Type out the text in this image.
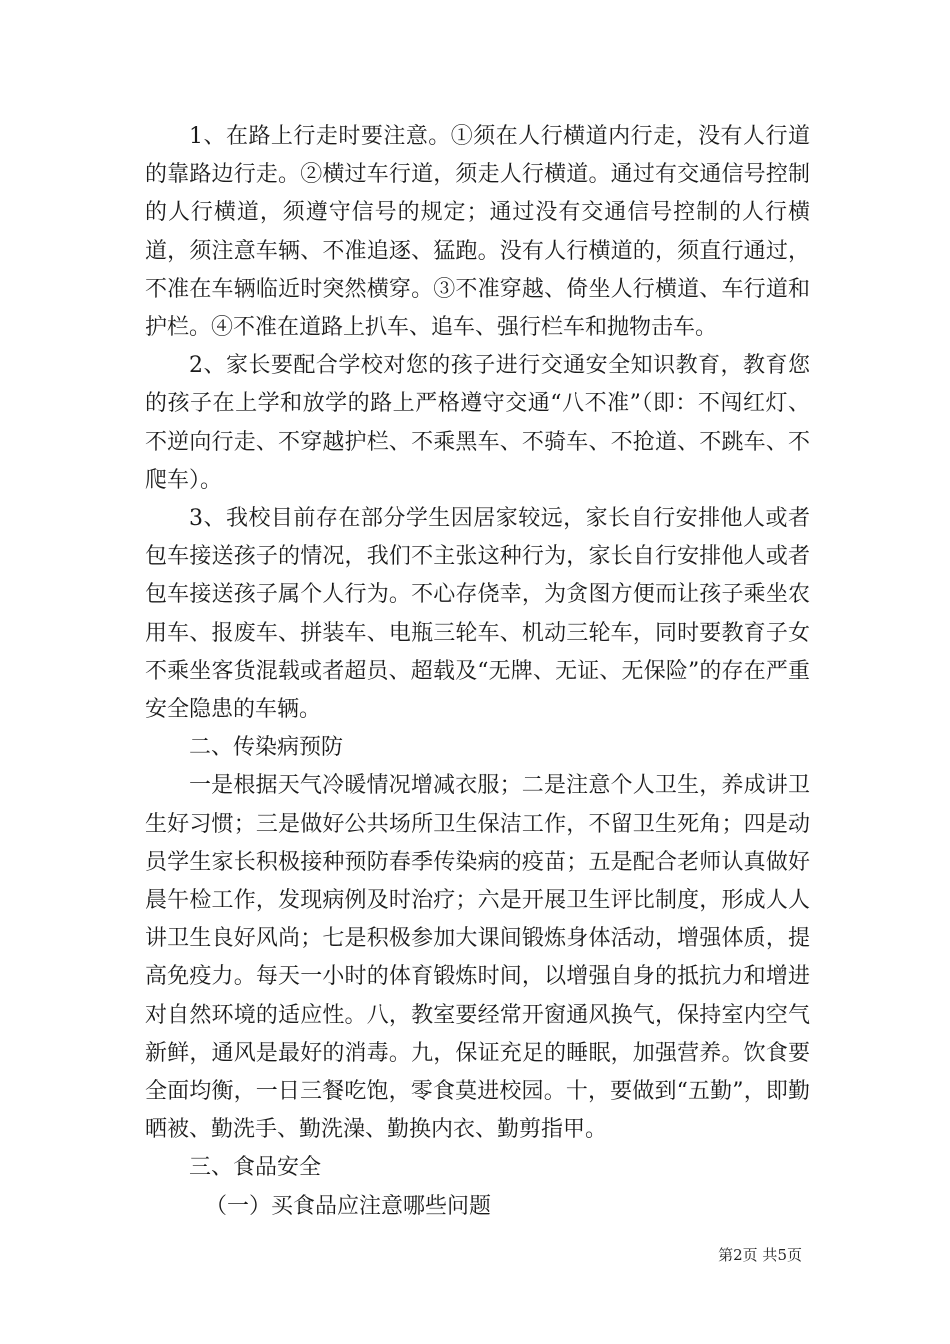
1、在路上行走时要注意。①须在人行横道内行走，没有人行道的靠路边行走。②横过车行道，须走人行横道。通过有交通信号控制的人行横道，须遵守信号的规定；通过没有交通信号控制的人行横道，须注意车辆、不准追逐、猛跑。没有人行横道的，须直行通过，不准在车辆临近时突然横穿。③不准穿越、倚坐人行横道、车行道和护栏。④不准在道路上扒车、追车、强行栏车和抛物击车。

2、家长要配合学校对您的孩子进行交通安全知识教育，教育您的孩子在上学和放学的路上严格遵守交通“八不准”（即：不闯红灯、不逆向行走、不穿越护栏、不乘黑车、不骑车、不抢道、不跳车、不爬车）。

3、我校目前存在部分学生因居家较远，家长自行安排他人或者包车接送孩子的情况，我们不主张这种行为，家长自行安排他人或者包车接送孩子属个人行为。不心存侥幸，为贪图方便而让孩子乘坐农用车、报废车、拼装车、电瓶三轮车、机动三轮车，同时要教育子女不乘坐客货混载或者超员、超载及“无牌、无证、无保险”的存在严重安全隐患的车辆。

二、传染病预防

一是根据天气冷暖情况增减衣服；二是注意个人卫生，养成讲卫生好习惯；三是做好公共场所卫生保洁工作，不留卫生死角；四是动员学生家长积极接种预防春季传染病的疫苗；五是配合老师认真做好晨午检工作，发现病例及时治疗；六是开展卫生评比制度，形成人人讲卫生良好风尚；七是积极参加大课间锻炼身体活动，增强体质，提高免疫力。每天一小时的体育锻炼时间，以增强自身的抵抗力和增进对自然环境的适应性。八，教室要经常开窗通风换气，保持室内空气新鲜，通风是最好的消毒。九，保证充足的睡眠，加强营养。饮食要全面均衡，一日三餐吃饱，零食莫进校园。十，要做到“五勤”，即勤晒被、勤洗手、勤洗澡、勤换内衣、勤剪指甲。

三、食品安全

（一）买食品应注意哪些问题

第2页 共5页
